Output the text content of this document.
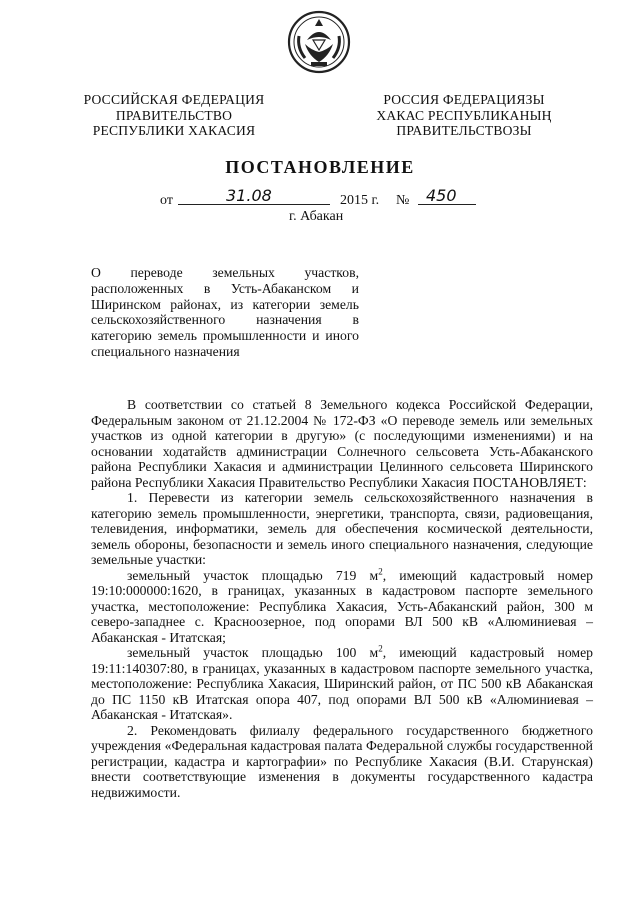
РОССИЙСКАЯ ФЕДЕРАЦИЯ
ПРАВИТЕЛЬСТВО
РЕСПУБЛИКИ ХАКАСИЯ
РОССИЯ ФЕДЕРАЦИЯЗЫ
ХАКАС РЕСПУБЛИКАНЫҢ
ПРАВИТЕЛЬСТВОЗЫ
ПОСТАНОВЛЕНИЕ
от	31.08	2015 г. № 450
г. Абакан
О переводе земельных участков, расположенных в Усть-Абаканском и Ширинском районах, из категории земель сельскохозяйственного назначения в категорию земель промышленности и иного специального назначения

В соответствии со статьей 8 Земельного кодекса Российской Федерации, Федеральным законом от 21.12.2004 № 172-ФЗ «О переводе земель или земельных участков из одной категории в другую» (с последующими изменениями) и на основании ходатайств администрации Солнечного сельсовета Усть-Абаканского района Республики Хакасия и администрации Целинного сельсовета Ширинского района Республики Хакасия Правительство Республики Хакасия ПОСТАНОВЛЯЕТ:

1. Перевести из категории земель сельскохозяйственного назначения в категорию земель промышленности, энергетики, транспорта, связи, радиовещания, телевидения, информатики, земель для обеспечения космической деятельности, земель обороны, безопасности и земель иного специального назначения, следующие земельные участки:

земельный участок площадью 719 $м^2$, имеющий кадастровый номер 19:10:000000:1620, в границах, указанных в кадастровом паспорте земельного участка, местоположение: Республика Хакасия, Усть-Абаканский район, 300 м северо-западнее с. Красноозерное, под опорами ВЛ 500 кВ «Алюминиевая – Абаканская - Итатская;

земельный участок площадью 100 $м^2$, имеющий кадастровый номер 19:11:140307:80, в границах, указанных в кадастровом паспорте земельного участка, местоположение: Республика Хакасия, Ширинский район, от ПС 500 кВ Абаканская до ПС 1150 кВ Итатская опора 407, под опорами ВЛ 500 кВ «Алюминиевая – Абаканская - Итатская».

2. Рекомендовать филиалу федерального государственного бюджетного учреждения «Федеральная кадастровая палата Федеральной службы государственной регистрации, кадастра и картографии» по Республике Хакасия (В.И. Старунская) внести соответствующие изменения в документы государственного кадастра недвижимости.
